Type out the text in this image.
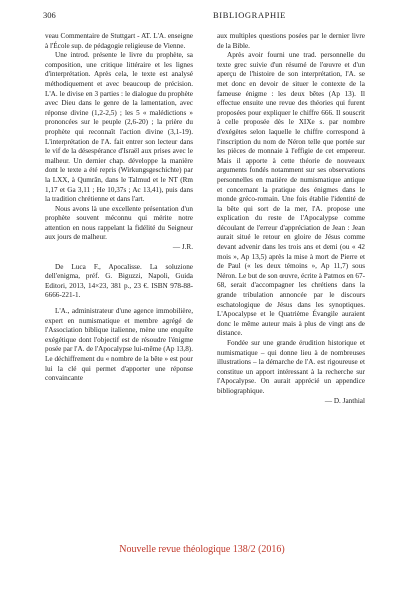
306	BIBLIOGRAPHIE

veau Commentaire de Stuttgart - AT. L'A. enseigne à l'École sup. de pédagogie religieuse de Vienne.

Une introd. présente le livre du prophète, sa composition, une critique littéraire et les lignes d'interprétation. Après cela, le texte est analysé méthodiquement et avec beaucoup de précision. L'A. le divise en 3 parties : le dialogue du prophète avec Dieu dans le genre de la lamentation, avec réponse divine (1,2-2,5) ; les 5 « malédictions » prononcées sur le peuple (2,6-20) ; la prière du prophète qui reconnaît l'action divine (3,1-19). L'interprétation de l'A. fait entrer son lecteur dans le vif de la désespérance d'Israël aux prises avec le malheur. Un dernier chap. développe la manière dont le texte a été repris (Wirkungsgeschichte) par la LXX, à Qumrân, dans le Talmud et le NT (Rm 1,17 et Ga 3,11 ; He 10,37s ; Ac 13,41), puis dans la tradition chrétienne et dans l'art.

Nous avons là une excellente présentation d'un prophète souvent méconnu qui mérite notre attention en nous rappelant la fidélité du Seigneur aux jours de malheur.

— J.R.

De Luca F., Apocalisse. La soluzione dell'enigma, préf. G. Biguzzi, Napoli, Guida Editori, 2013, 14×23, 381 p., 23 €. ISBN 978-88-6666-221-1.

L'A., administrateur d'une agence immobilière, expert en numismatique et membre agrégé de l'Association biblique italienne, mène une enquête exégétique dont l'objectif est de résoudre l'énigme posée par l'A. de l'Apocalypse lui-même (Ap 13,8). Le déchiffrement du « nombre de la bête » est pour lui la clé qui permet d'apporter une réponse convaincante

aux multiples questions posées par le dernier livre de la Bible.

Après avoir fourni une trad. personnelle du texte grec suivie d'un résumé de l'œuvre et d'un aperçu de l'histoire de son interprétation, l'A. se met donc en devoir de situer le contexte de la fameuse énigme : les deux bêtes (Ap 13). Il effectue ensuite une revue des théories qui furent proposées pour expliquer le chiffre 666. Il souscrit à celle proposée dès le XIXe s. par nombre d'exégètes selon laquelle le chiffre correspond à l'inscription du nom de Néron telle que portée sur les pièces de monnaie à l'effigie de cet empereur. Mais il apporte à cette théorie de nouveaux arguments fondés notamment sur ses observations personnelles en matière de numismatique antique et concernant la pratique des énigmes dans le monde gréco-romain. Une fois établie l'identité de la bête qui sort de la mer, l'A. propose une explication du reste de l'Apocalypse comme découlant de l'erreur d'appréciation de Jean : Jean aurait situé le retour en gloire de Jésus comme devant advenir dans les trois ans et demi (ou « 42 mois », Ap 13,5) après la mise à mort de Pierre et de Paul (« les deux témoins », Ap 11,7) sous Néron. Le but de son œuvre, écrite à Patmos en 67-68, serait d'accompagner les chrétiens dans la grande tribulation annoncée par le discours eschatologique de Jésus dans les synoptiques. L'Apocalypse et le Quatrième Évangile auraient donc le même auteur mais à plus de vingt ans de distance.

Fondée sur une grande érudition historique et numismatique – qui donne lieu à de nombreuses illustrations – la démarche de l'A. est rigoureuse et constitue un apport intéressant à la recherche sur l'Apocalypse. On aurait apprécié un appendice bibliographique.

— D. Janthial

Nouvelle revue théologique 138/2 (2016)
